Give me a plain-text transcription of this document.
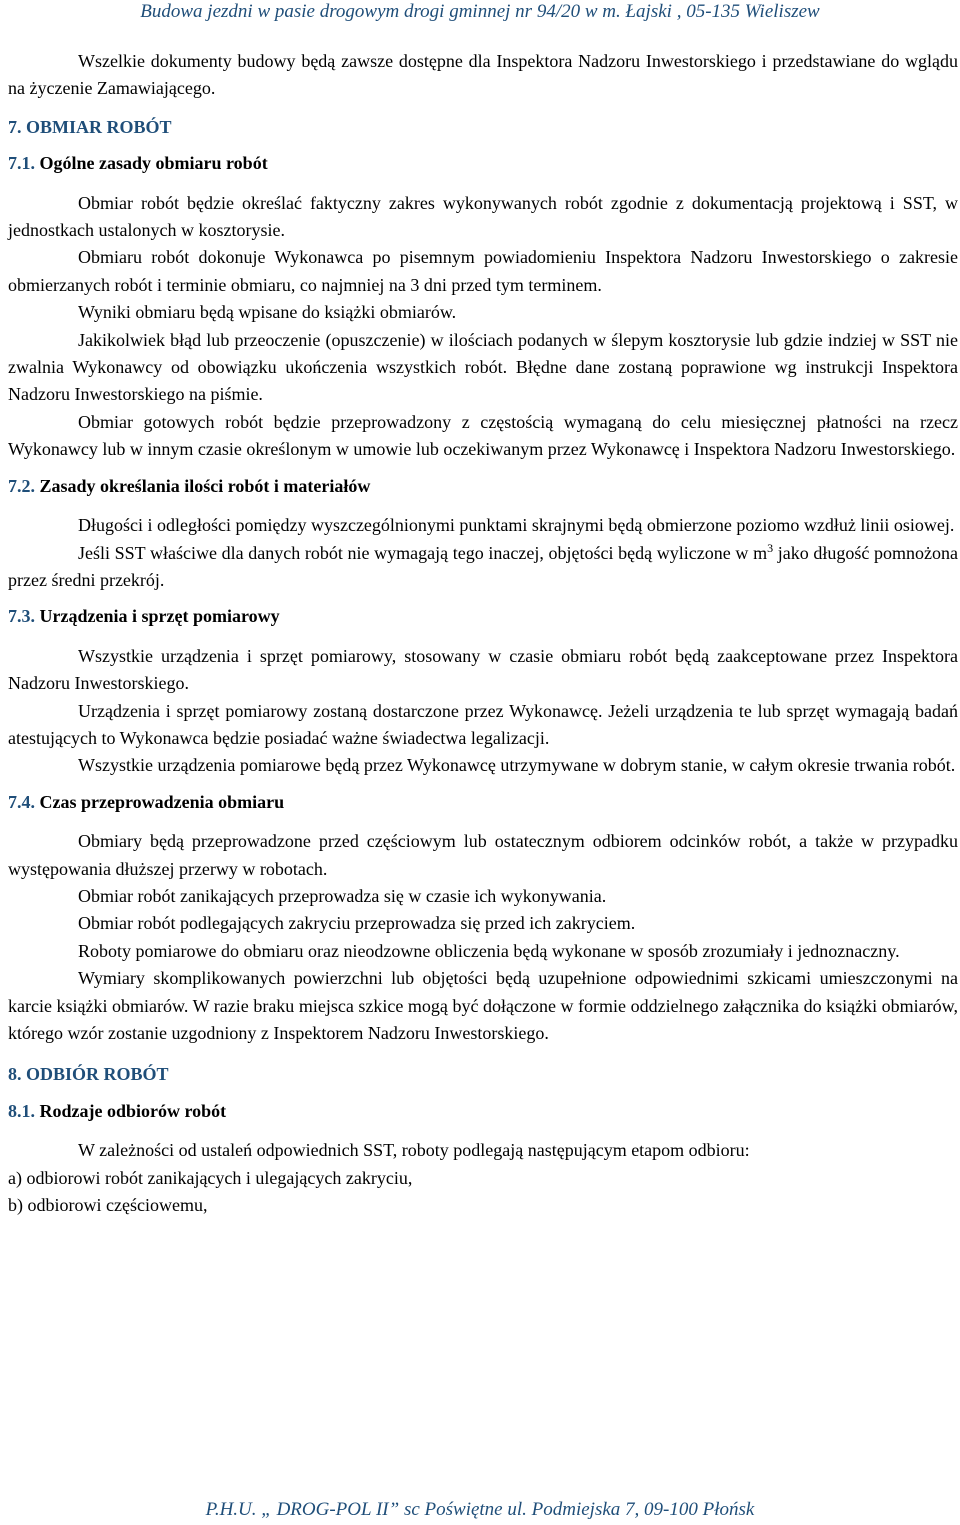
Budowa jezdni w pasie drogowym drogi gminnej nr 94/20 w m. Łajski , 05-135 Wieliszew

Wszelkie dokumenty budowy będą zawsze dostępne dla Inspektora Nadzoru Inwestorskiego i przedstawiane do wglądu na życzenie Zamawiającego.

7. OBMIAR ROBÓT

7.1. Ogólne zasady obmiaru robót

Obmiar robót będzie określać faktyczny zakres wykonywanych robót zgodnie z dokumentacją projektową i SST, w jednostkach ustalonych w kosztorysie.

Obmiaru robót dokonuje Wykonawca po pisemnym powiadomieniu Inspektora Nadzoru Inwestorskiego o zakresie obmierzanych robót i terminie obmiaru, co najmniej na 3 dni przed tym terminem.

Wyniki obmiaru będą wpisane do książki obmiarów.

Jakikolwiek błąd lub przeoczenie (opuszczenie) w ilościach podanych w ślepym kosztorysie lub gdzie indziej w SST nie zwalnia Wykonawcy od obowiązku ukończenia wszystkich robót. Błędne dane zostaną poprawione wg instrukcji Inspektora Nadzoru Inwestorskiego na piśmie.

Obmiar gotowych robót będzie przeprowadzony z częstością wymaganą do celu miesięcznej płatności na rzecz Wykonawcy lub w innym czasie określonym w umowie lub oczekiwanym przez Wykonawcę i Inspektora Nadzoru Inwestorskiego.

7.2. Zasady określania ilości robót i materiałów

Długości i odległości pomiędzy wyszczególnionymi punktami skrajnymi będą obmierzone poziomo wzdłuż linii osiowej.

Jeśli SST właściwe dla danych robót nie wymagają tego inaczej, objętości będą wyliczone w $m^3$ jako długość pomnożona przez średni przekrój.

7.3. Urządzenia i sprzęt pomiarowy

Wszystkie urządzenia i sprzęt pomiarowy, stosowany w czasie obmiaru robót będą zaakceptowane przez Inspektora Nadzoru Inwestorskiego.

Urządzenia i sprzęt pomiarowy zostaną dostarczone przez Wykonawcę. Jeżeli urządzenia te lub sprzęt wymagają badań atestujących to Wykonawca będzie posiadać ważne świadectwa legalizacji.

Wszystkie urządzenia pomiarowe będą przez Wykonawcę utrzymywane w dobrym stanie, w całym okresie trwania robót.

7.4. Czas przeprowadzenia obmiaru

Obmiary będą przeprowadzone przed częściowym lub ostatecznym odbiorem odcinków robót, a także w przypadku występowania dłuższej przerwy w robotach.

Obmiar robót zanikających przeprowadza się w czasie ich wykonywania.

Obmiar robót podlegających zakryciu przeprowadza się przed ich zakryciem.

Roboty pomiarowe do obmiaru oraz nieodzowne obliczenia będą wykonane w sposób zrozumiały i jednoznaczny.

Wymiary skomplikowanych powierzchni lub objętości będą uzupełnione odpowiednimi szkicami umieszczonymi na karcie książki obmiarów. W razie braku miejsca szkice mogą być dołączone w formie oddzielnego załącznika do książki obmiarów, którego wzór zostanie uzgodniony z Inspektorem Nadzoru Inwestorskiego.

8. ODBIÓR ROBÓT

8.1. Rodzaje odbiorów robót

W zależności od ustaleń odpowiednich SST, roboty podlegają następującym etapom odbioru:

a) odbiorowi robót zanikających i ulegających zakryciu,

b) odbiorowi częściowemu,

P.H.U. „ DROG-POL II” sc Poświętne ul. Podmiejska 7, 09-100 Płońsk
